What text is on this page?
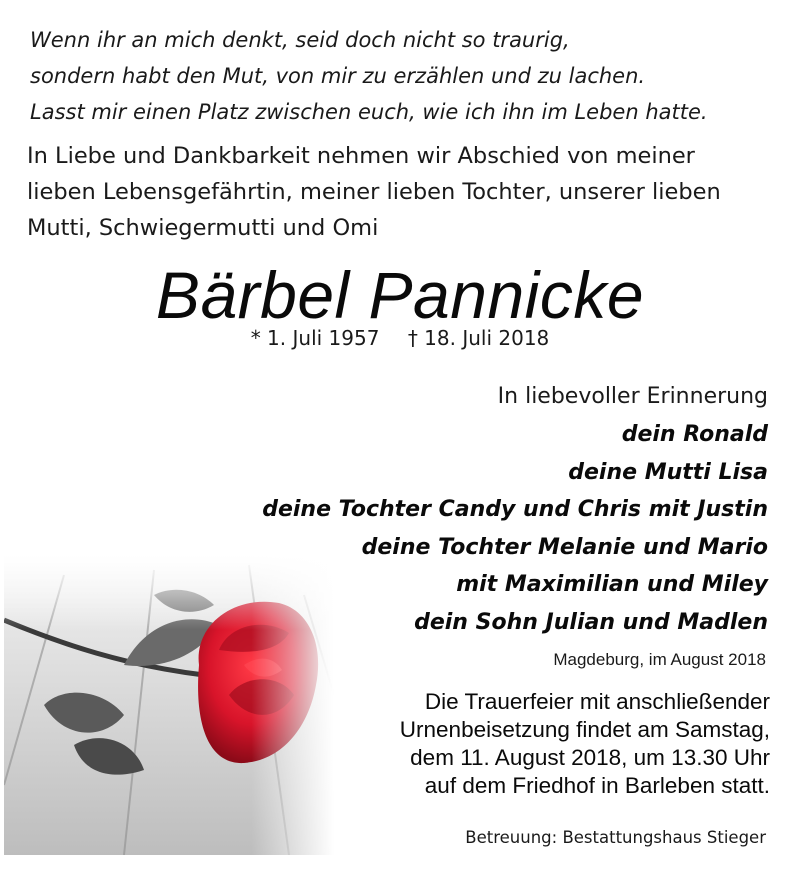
Wenn ihr an mich denkt, seid doch nicht so traurig,
sondern habt den Mut, von mir zu erzählen und zu lachen.
Lasst mir einen Platz zwischen euch, wie ich ihn im Leben hatte.
In Liebe und Dankbarkeit nehmen wir Abschied von meiner
lieben Lebensgefährtin, meiner lieben Tochter, unserer lieben
Mutti, Schwiegermutti und Omi
Bärbel Pannicke
* 1. Juli 1957 † 18. Juli 2018
In liebevoller Erinnerung
dein Ronald
deine Mutti Lisa
deine Tochter Candy und Chris mit Justin
deine Tochter Melanie und Mario
mit Maximilian und Miley
dein Sohn Julian und Madlen
Magdeburg, im August 2018
Die Trauerfeier mit anschließender
Urnenbeisetzung findet am Samstag,
dem 11. August 2018, um 13.30 Uhr
auf dem Friedhof in Barleben statt.
Betreuung: Bestattungshaus Stieger
